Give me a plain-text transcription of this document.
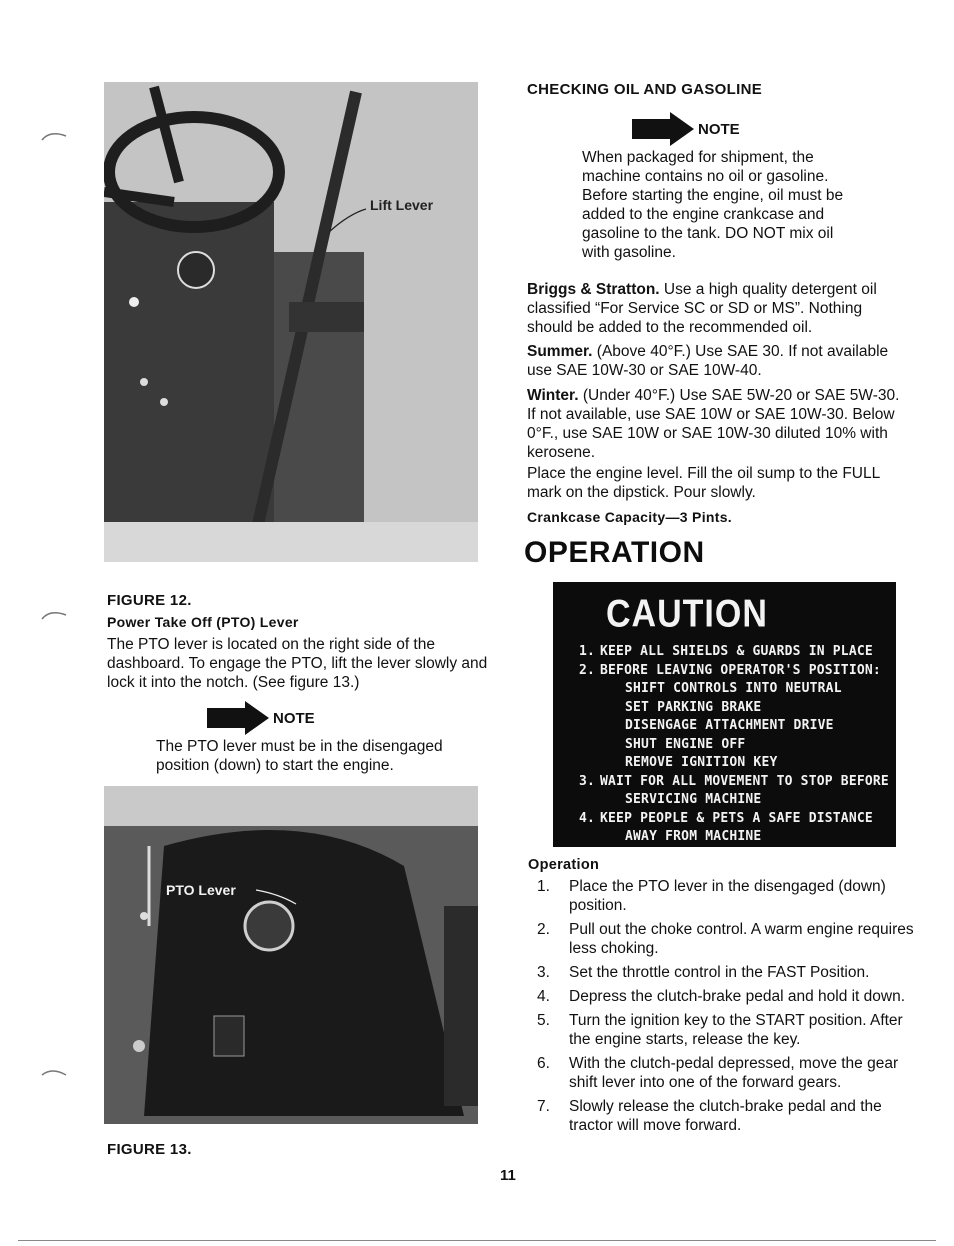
Lift Lever
FIGURE 12.
Power Take Off (PTO) Lever
The PTO lever is located on the right side of the dashboard. To engage the PTO, lift the lever slowly and lock it into the notch. (See figure 13.)
NOTE
The PTO lever must be in the disengaged position (down) to start the engine.
PTO Lever
FIGURE 13.
CHECKING OIL AND GASOLINE
NOTE
When packaged for shipment, the machine contains no oil or gasoline. Before starting the engine, oil must be added to the engine crankcase and gasoline to the tank. DO NOT mix oil with gasoline.
Briggs & Stratton. Use a high quality detergent oil classified “For Service SC or SD or MS”. Nothing should be added to the recommended oil.
Summer. (Above 40°F.) Use SAE 30. If not available use SAE 10W-30 or SAE 10W-40.
Winter. (Under 40°F.) Use SAE 5W-20 or SAE 5W-30. If not available, use SAE 10W or SAE 10W-30. Below 0°F., use SAE 10W or SAE 10W-30 diluted 10% with kerosene.
Place the engine level. Fill the oil sump to the FULL mark on the dipstick. Pour slowly.
Crankcase Capacity—3 Pints.
OPERATION
CAUTION
1. KEEP ALL SHIELDS & GUARDS IN PLACE
2. BEFORE LEAVING OPERATOR'S POSITION:
SHIFT CONTROLS INTO NEUTRAL
SET PARKING BRAKE
DISENGAGE ATTACHMENT DRIVE
SHUT ENGINE OFF
REMOVE IGNITION KEY
3. WAIT FOR ALL MOVEMENT TO STOP BEFORE
SERVICING MACHINE
4. KEEP PEOPLE & PETS A SAFE DISTANCE
AWAY FROM MACHINE
Operation
1.	Place the PTO lever in the disengaged (down) position.
2.	Pull out the choke control. A warm engine requires less choking.
3.	Set the throttle control in the FAST Position.
4.	Depress the clutch-brake pedal and hold it down.
5.	Turn the ignition key to the START position. After the engine starts, release the key.
6.	With the clutch-pedal depressed, move the gear shift lever into one of the forward gears.
7.	Slowly release the clutch-brake pedal and the tractor will move forward.
11
